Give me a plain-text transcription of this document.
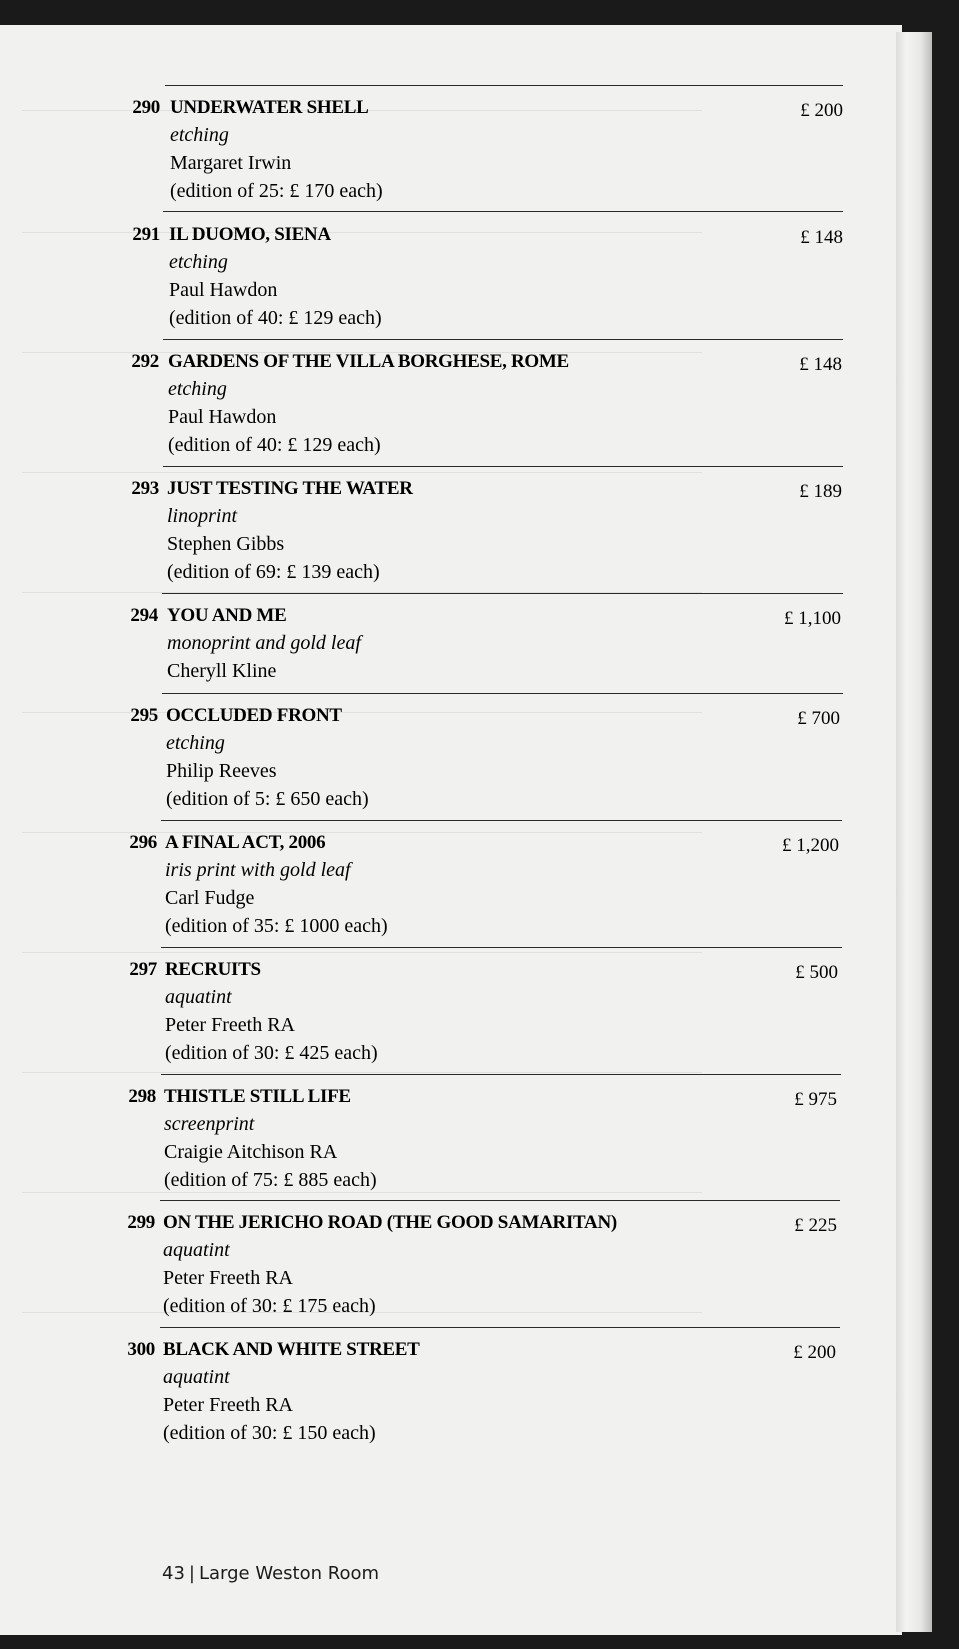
290 UNDERWATER SHELL
etching
Margaret Irwin
(edition of 25: £ 170 each)
£ 200
291 IL DUOMO, SIENA
etching
Paul Hawdon
(edition of 40: £ 129 each)
£ 148
292 GARDENS OF THE VILLA BORGHESE, ROME
etching
Paul Hawdon
(edition of 40: £ 129 each)
£ 148
293 JUST TESTING THE WATER
linoprint
Stephen Gibbs
(edition of 69: £ 139 each)
£ 189
294 YOU AND ME
monoprint and gold leaf
Cheryll Kline
£ 1,100
295 OCCLUDED FRONT
etching
Philip Reeves
(edition of 5: £ 650 each)
£ 700
296 A FINAL ACT, 2006
iris print with gold leaf
Carl Fudge
(edition of 35: £ 1000 each)
£ 1,200
297 RECRUITS
aquatint
Peter Freeth RA
(edition of 30: £ 425 each)
£ 500
298 THISTLE STILL LIFE
screenprint
Craigie Aitchison RA
(edition of 75: £ 885 each)
£ 975
299 ON THE JERICHO ROAD (THE GOOD SAMARITAN)
aquatint
Peter Freeth RA
(edition of 30: £ 175 each)
£ 225
300 BLACK AND WHITE STREET
aquatint
Peter Freeth RA
(edition of 30: £ 150 each)
£ 200
43 | Large Weston Room
